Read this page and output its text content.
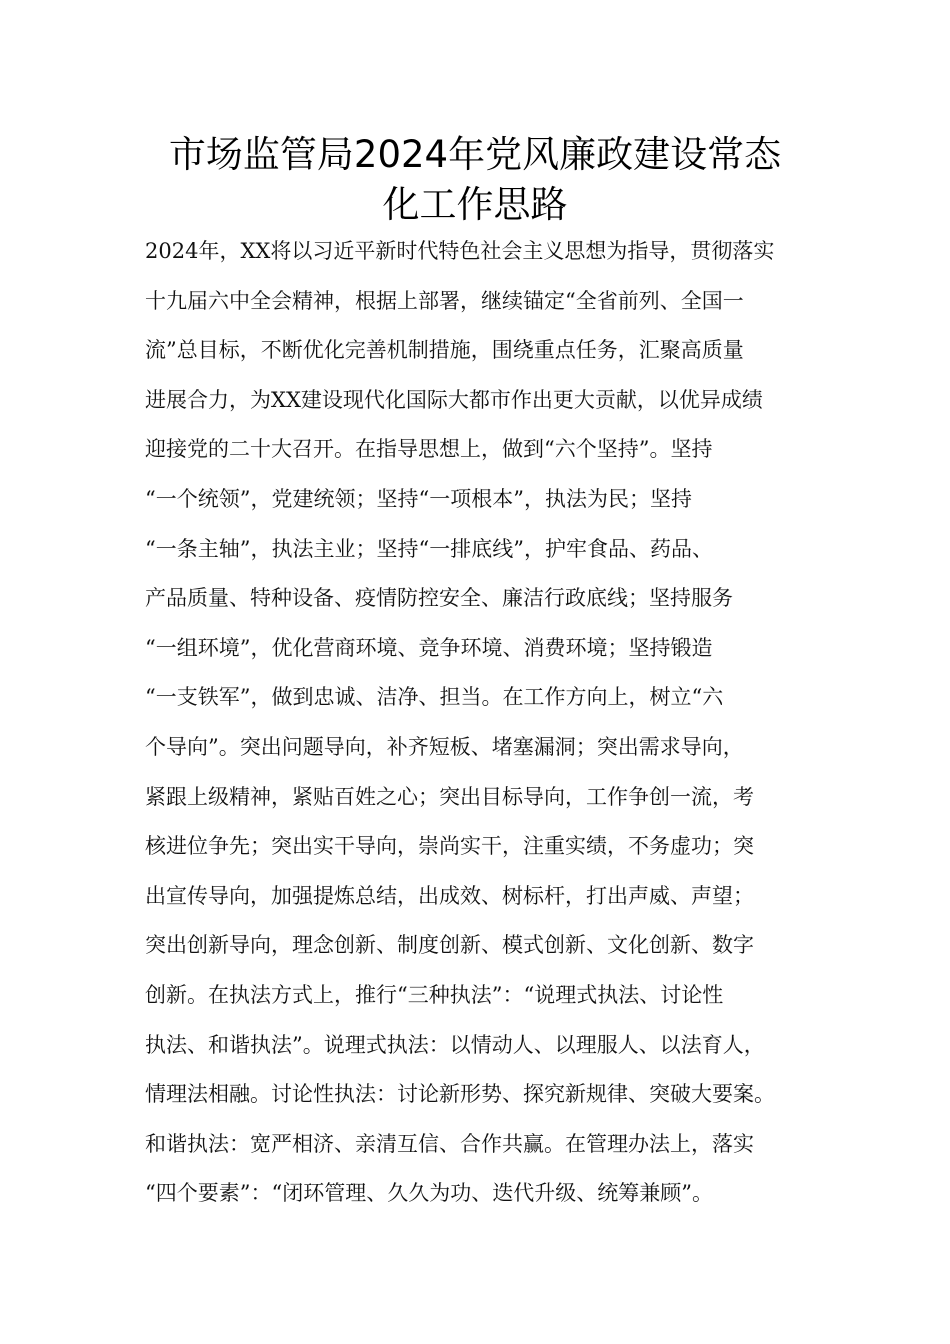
市场监管局2024年党风廉政建设常态
化工作思路
2024年，XX将以习近平新时代特色社会主义思想为指导，贯彻落实
十九届六中全会精神，根据上部署，继续锚定“全省前列、全国一
流”总目标，不断优化完善机制措施，围绕重点任务，汇聚高质量
进展合力，为XX建设现代化国际大都市作出更大贡献，以优异成绩
迎接党的二十大召开。在指导思想上，做到“六个坚持”。坚持
“一个统领”，党建统领；坚持“一项根本”，执法为民；坚持
“一条主轴”，执法主业；坚持“一排底线”，护牢食品、药品、
产品质量、特种设备、疫情防控安全、廉洁行政底线；坚持服务
“一组环境”，优化营商环境、竞争环境、消费环境；坚持锻造
“一支铁军”，做到忠诚、洁净、担当。在工作方向上，树立“六
个导向”。突出问题导向，补齐短板、堵塞漏洞；突出需求导向，
紧跟上级精神，紧贴百姓之心；突出目标导向，工作争创一流，考
核进位争先；突出实干导向，崇尚实干，注重实绩，不务虚功；突
出宣传导向，加强提炼总结，出成效、树标杆，打出声威、声望；
突出创新导向，理念创新、制度创新、模式创新、文化创新、数字
创新。在执法方式上，推行“三种执法”：“说理式执法、讨论性
执法、和谐执法”。说理式执法：以情动人、以理服人、以法育人，
情理法相融。讨论性执法：讨论新形势、探究新规律、突破大要案。
和谐执法：宽严相济、亲清互信、合作共赢。在管理办法上，落实
“四个要素”：“闭环管理、久久为功、迭代升级、统筹兼顾”。
